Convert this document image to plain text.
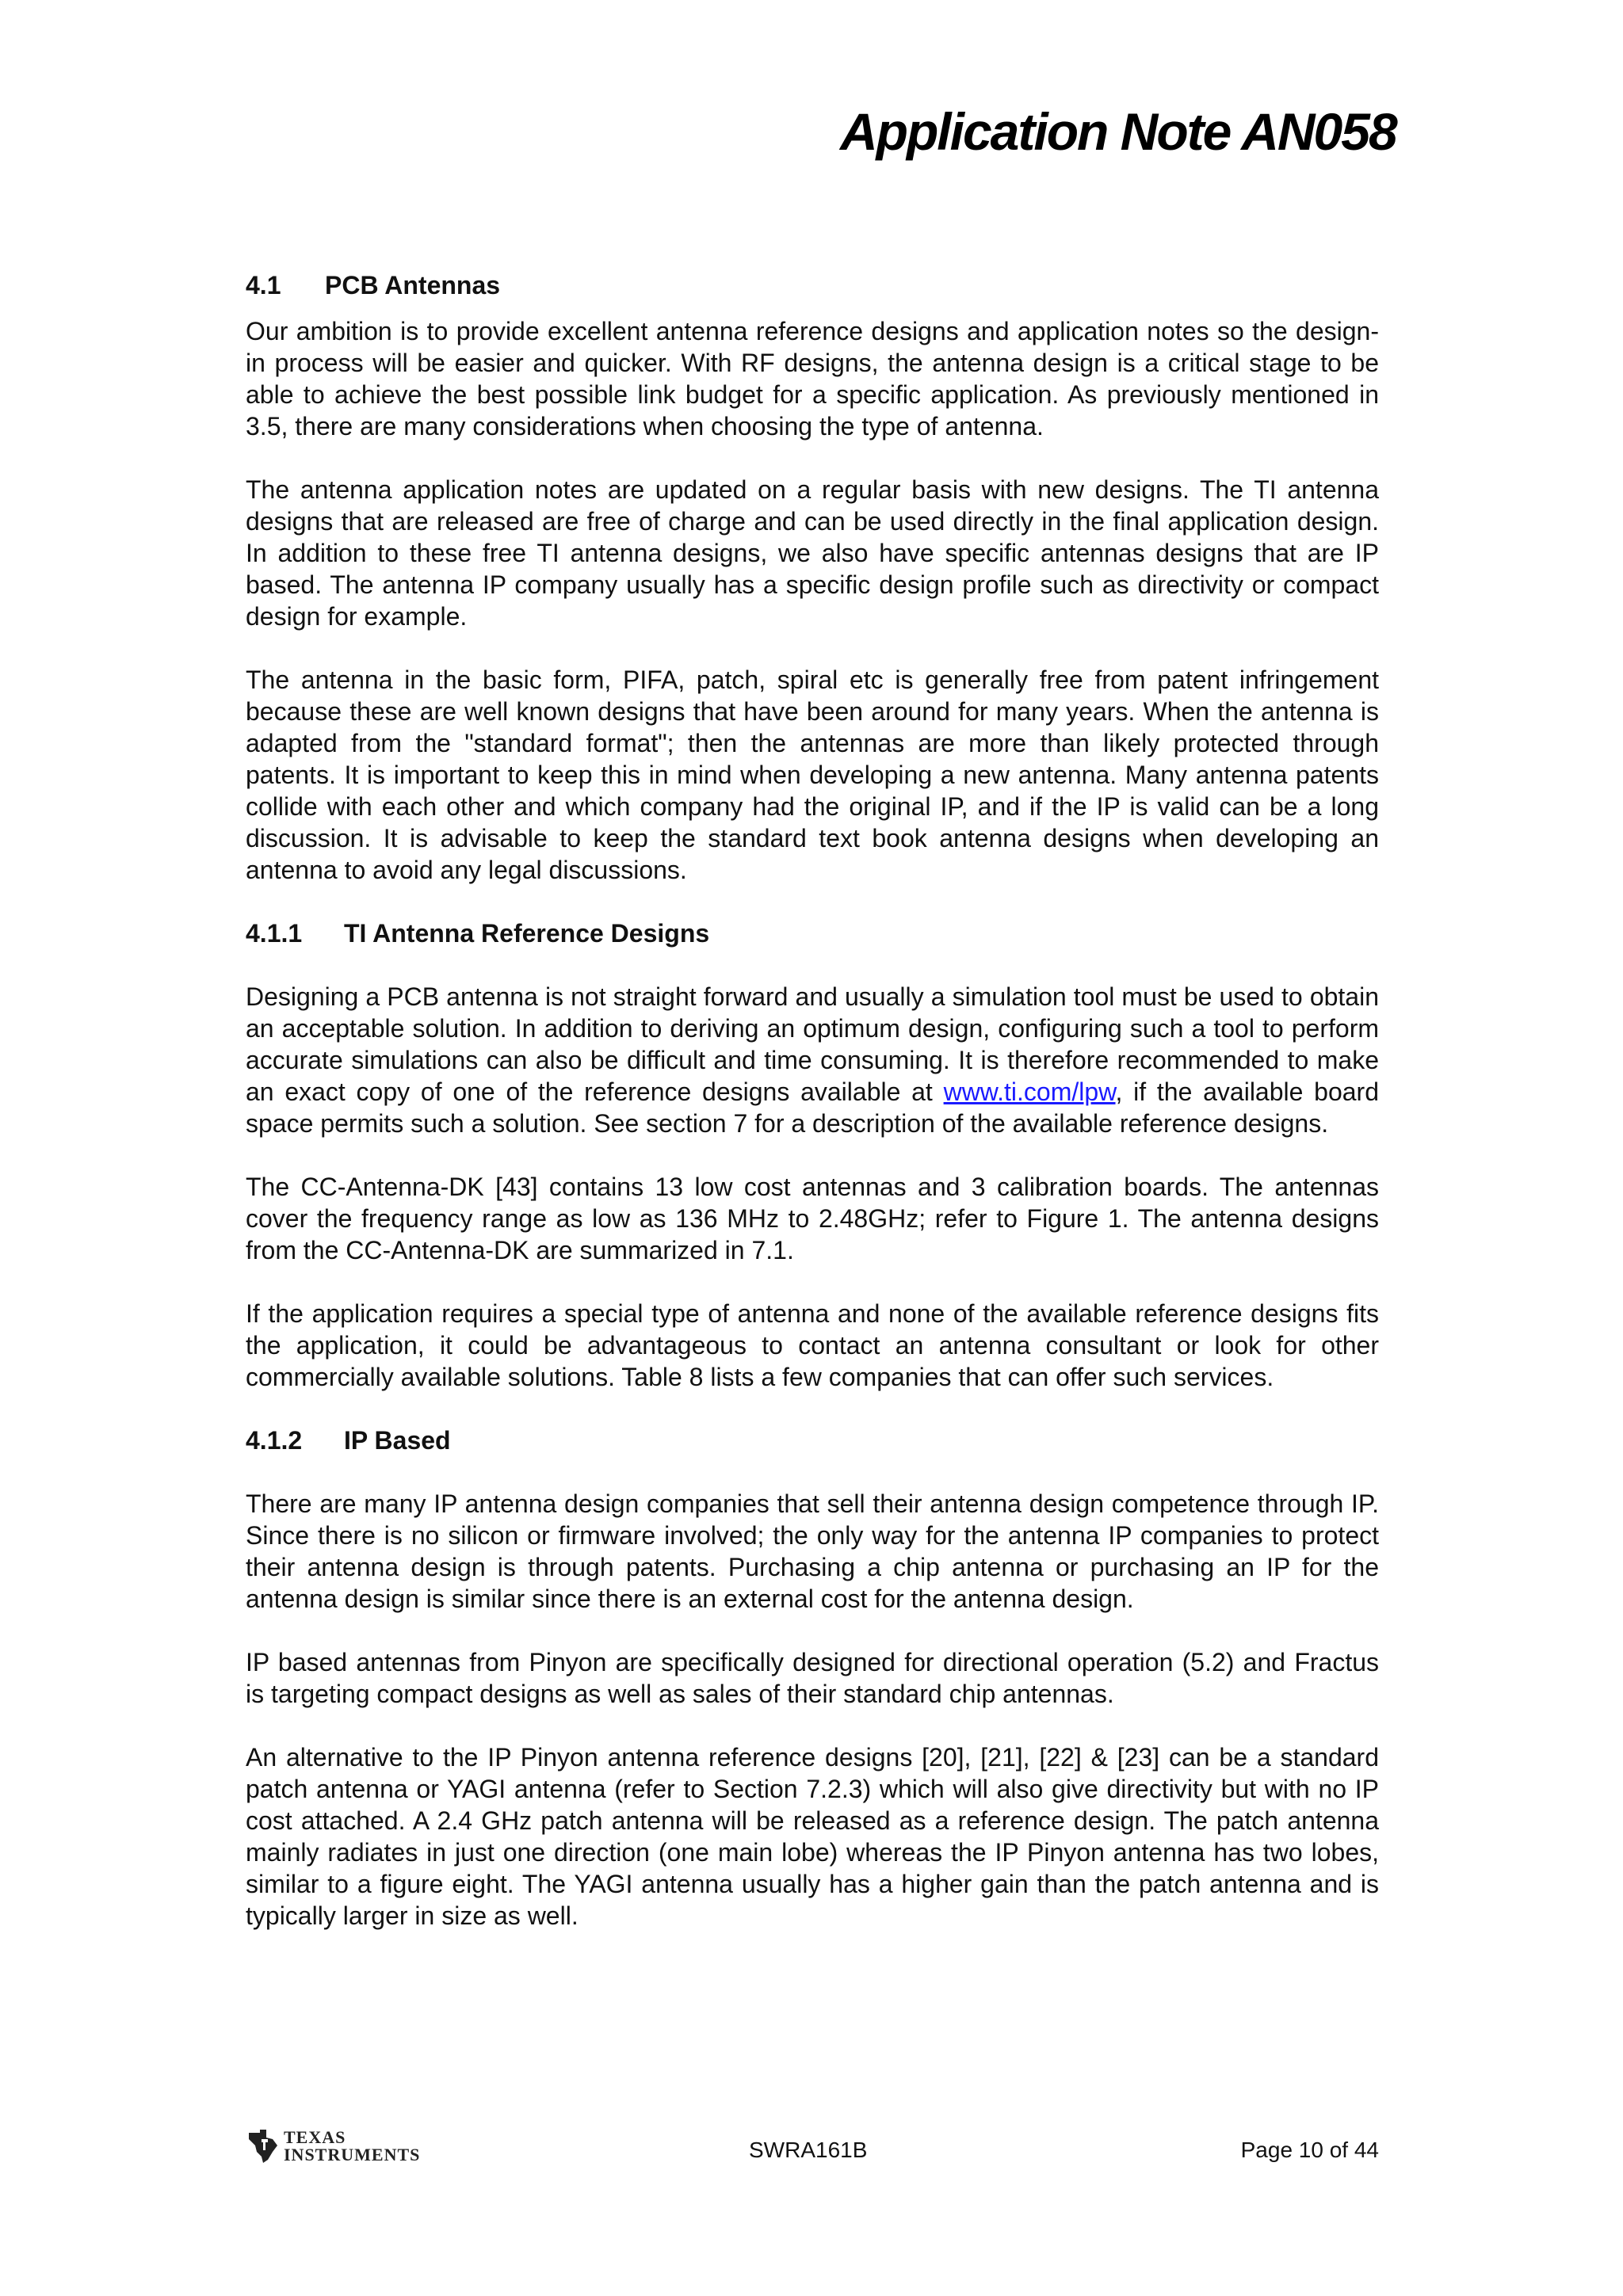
Application Note AN058
4.1	PCB Antennas

Our ambition is to provide excellent antenna reference designs and application notes so the design-in process will be easier and quicker. With RF designs, the antenna design is a critical stage to be able to achieve the best possible link budget for a specific application. As previously mentioned in 3.5, there are many considerations when choosing the type of antenna.

The antenna application notes are updated on a regular basis with new designs. The TI antenna designs that are released are free of charge and can be used directly in the final application design. In addition to these free TI antenna designs, we also have specific antennas designs that are IP based. The antenna IP company usually has a specific design profile such as directivity or compact design for example.

The antenna in the basic form, PIFA, patch, spiral etc is generally free from patent infringement because these are well known designs that have been around for many years. When the antenna is adapted from the "standard format"; then the antennas are more than likely protected through patents. It is important to keep this in mind when developing a new antenna. Many antenna patents collide with each other and which company had the original IP, and if the IP is valid can be a long discussion. It is advisable to keep the standard text book antenna designs when developing an antenna to avoid any legal discussions.

4.1.1	TI Antenna Reference Designs

Designing a PCB antenna is not straight forward and usually a simulation tool must be used to obtain an acceptable solution. In addition to deriving an optimum design, configuring such a tool to perform accurate simulations can also be difficult and time consuming. It is therefore recommended to make an exact copy of one of the reference designs available at www.ti.com/lpw, if the available board space permits such a solution. See section 7 for a description of the available reference designs.

The CC-Antenna-DK [43] contains 13 low cost antennas and 3 calibration boards. The antennas cover the frequency range as low as 136 MHz to 2.48GHz; refer to Figure 1. The antenna designs from the CC-Antenna-DK are summarized in 7.1.

If the application requires a special type of antenna and none of the available reference designs fits the application, it could be advantageous to contact an antenna consultant or look for other commercially available solutions. Table 8 lists a few companies that can offer such services.

4.1.2	IP Based

There are many IP antenna design companies that sell their antenna design competence through IP. Since there is no silicon or firmware involved; the only way for the antenna IP companies to protect their antenna design is through patents. Purchasing a chip antenna or purchasing an IP for the antenna design is similar since there is an external cost for the antenna design.

IP based antennas from Pinyon are specifically designed for directional operation (5.2) and Fractus is targeting compact designs as well as sales of their standard chip antennas.

An alternative to the IP Pinyon antenna reference designs [20], [21], [22] & [23] can be a standard patch antenna or YAGI antenna (refer to Section 7.2.3) which will also give directivity but with no IP cost attached. A 2.4 GHz patch antenna will be released as a reference design. The patch antenna mainly radiates in just one direction (one main lobe) whereas the IP Pinyon antenna has two lobes, similar to a figure eight. The YAGI antenna usually has a higher gain than the patch antenna and is typically larger in size as well.

TEXAS
INSTRUMENTS	SWRA161B	Page 10 of 44
